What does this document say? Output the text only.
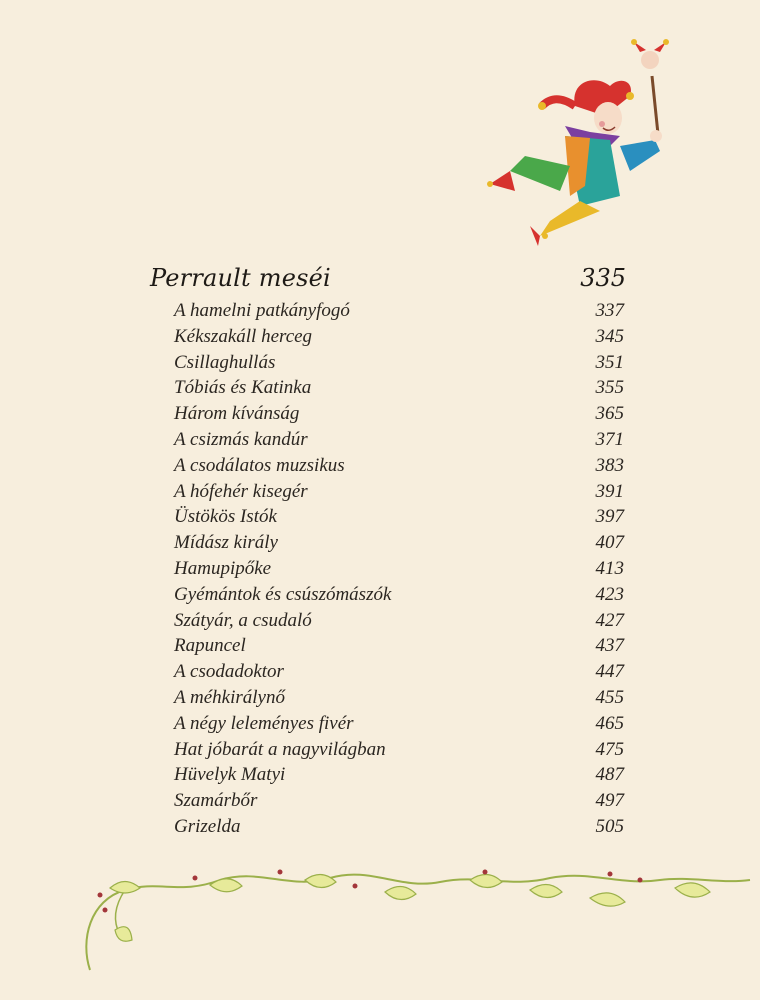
Perrault meséi	335
A hamelni patkányfogó	337
Kékszakáll herceg	345
Csillaghullás	351
Tóbiás és Katinka	355
Három kívánság	365
A csizmás kandúr	371
A csodálatos muzsikus	383
A hófehér kisegér	391
Üstökös Istók	397
Mídász király	407
Hamupipőke	413
Gyémántok és csúszómászók	423
Szátyár, a csudaló	427
Rapuncel	437
A csodadoktor	447
A méhkirálynő	455
A négy leleményes fivér	465
Hat jóbarát a nagyvilágban	475
Hüvelyk Matyi	487
Szamárbőr	497
Grizelda	505
